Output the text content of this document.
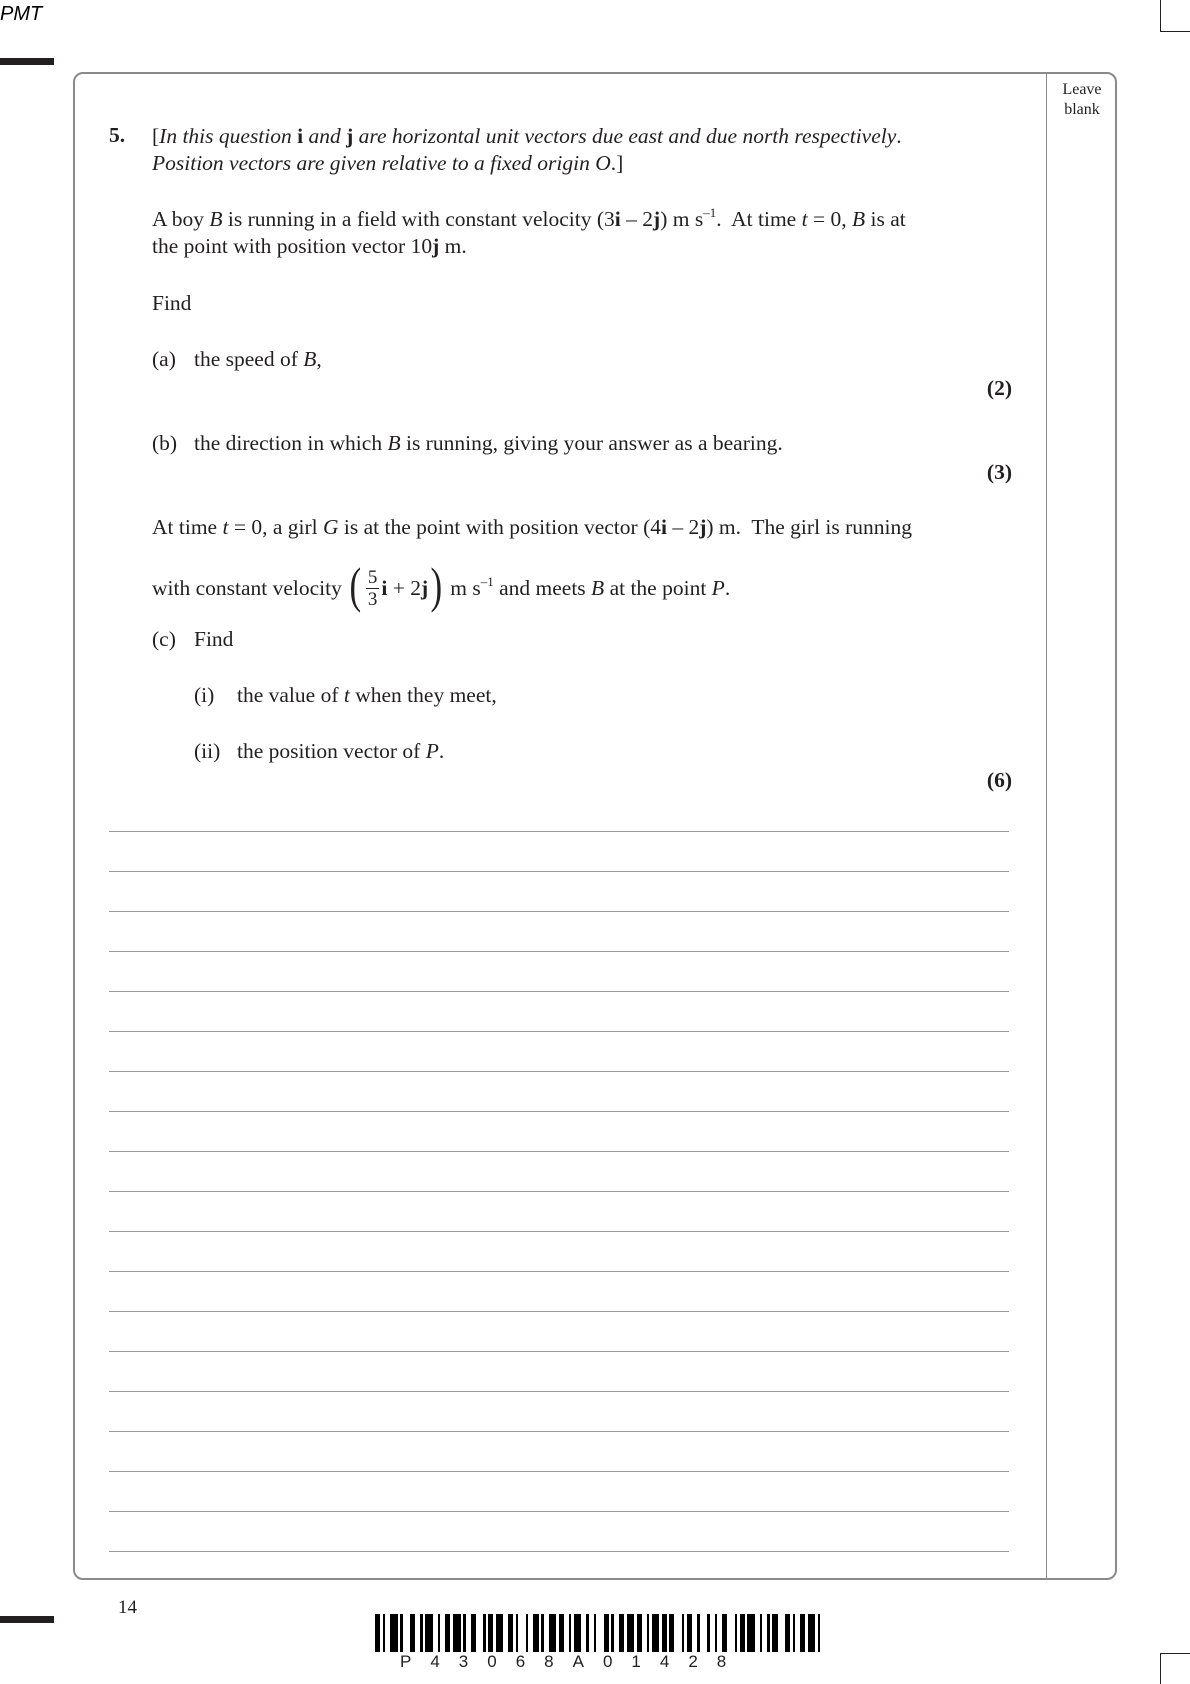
PMT
Leave
blank
5. [In this question i and j are horizontal unit vectors due east and due north respectively.
Position vectors are given relative to a fixed origin O.]
A boy B is running in a field with constant velocity (3i – 2j) m $s^{-1}$.  At time t = 0, B is at
the point with position vector 10j m.
Find
(a) the speed of B,
(2)
(b) the direction in which B is running, giving your answer as a bearing.
(3)
At time t = 0, a girl G is at the point with position vector (4i – 2j) m.  The girl is running
with constant velocity
( $\frac{5}{3}$ i + 2 j )
m $s^{-1}$ and meets B at the point P.
(c) Find
(i) the value of t when they meet,
(ii) the position vector of P.
(6)
14
P43068A01428
